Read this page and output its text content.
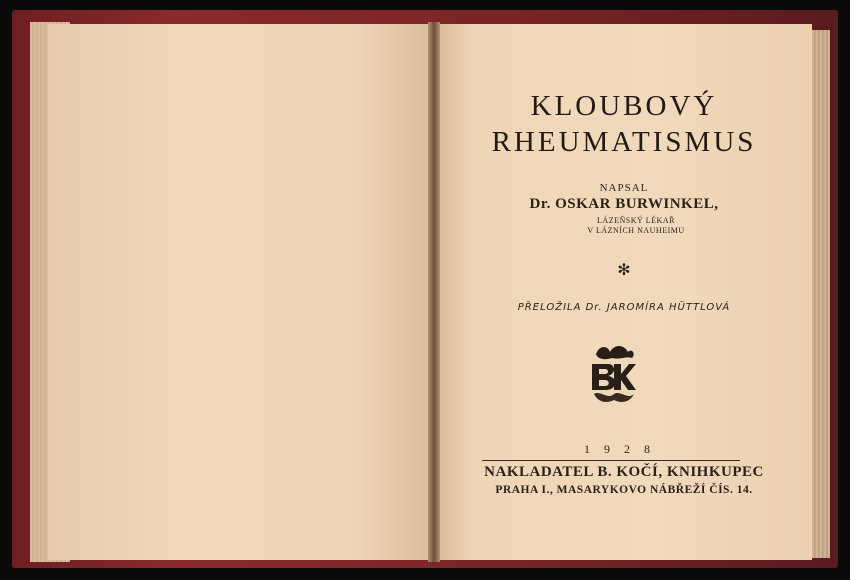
KLOUBOVÝ
RHEUMATISMUS
NAPSAL
Dr. OSKAR BURWINKEL,
LÁZEŇSKÝ LÉKAŘ
V LÁZNÍCH NAUHEIMU
✻
PŘELOŽILA Dr. JAROMÍRA HÜTTLOVÁ
1928
NAKLADATEL B. KOČÍ, KNIHKUPEC
PRAHA I., MASARYKOVO NÁBŘEŽÍ ČÍS. 14.
